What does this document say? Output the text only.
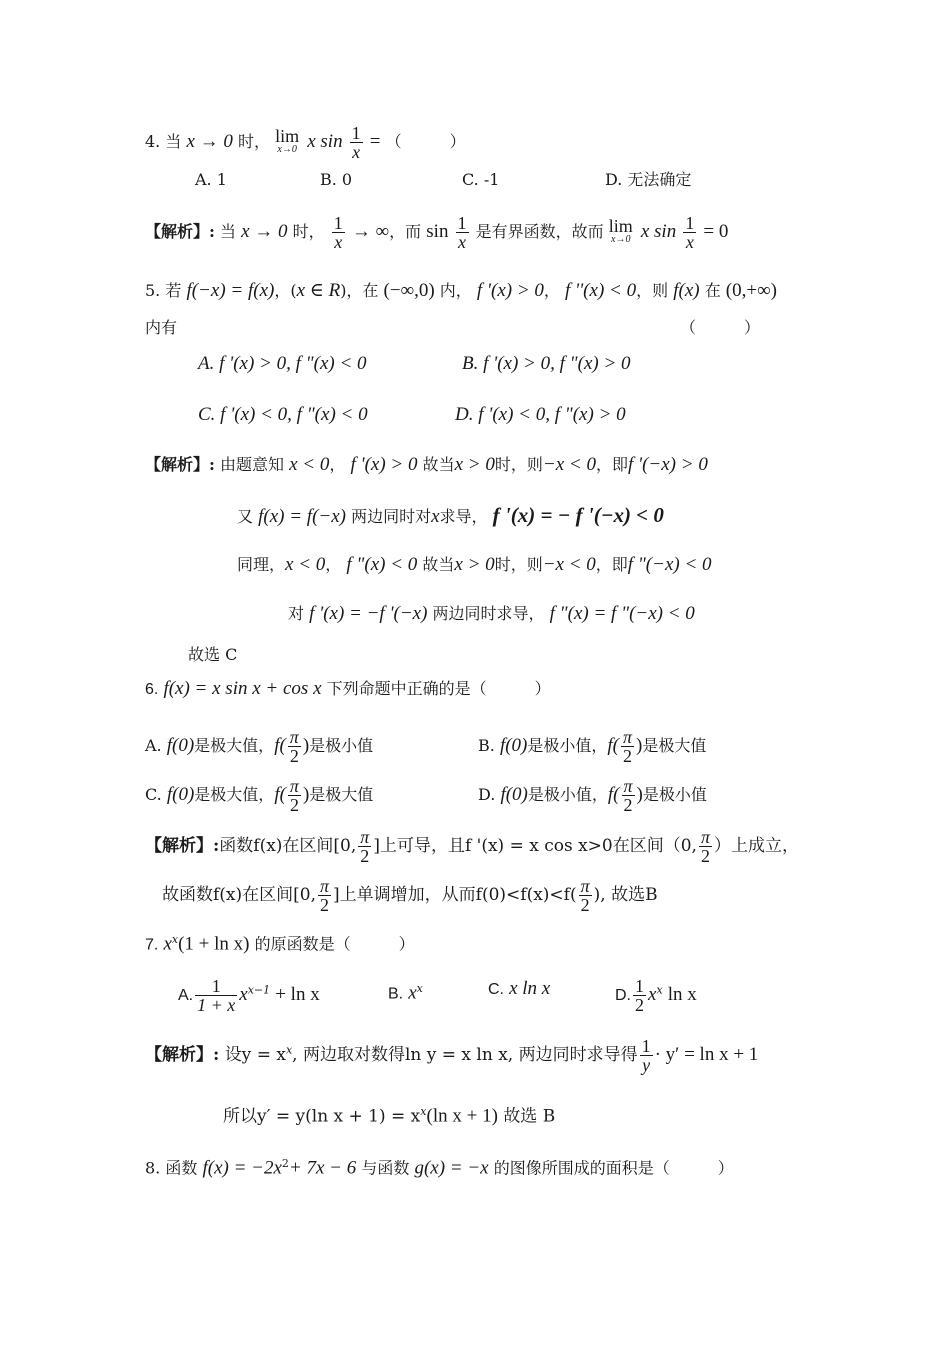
4. 当 x → 0 时， lim
x→0 x $\sin \frac{1}{x}$ = （　　　）
A. 1	B. 0	C. -1	D. 无法确定
【解析】: 当 x → 0 时， $\frac{1}{x}$ → ∞，而 $\sin \frac{1}{x}$ 是有界函数，故而 lim
x→0 x $\sin \frac{1}{x} = 0$
5. 若 f(−x) = f(x)，(x ∈ R)，在 (−∞,0) 内， f '(x) > 0， f ''(x) < 0，则 f(x) 在 (0,+∞)
内有	（　　　）
A. f '(x) > 0, f "(x) < 0	B. f '(x) > 0, f "(x) > 0
C. f '(x) < 0, f "(x) < 0	D. f '(x) < 0, f "(x) > 0
【解析】: 由题意知 x < 0， f '(x) > 0 故当x > 0时，则−x < 0，即f '(−x) > 0
又 f(x) = f(−x) 两边同时对x求导， f '(x) = − f '(−x) < 0
同理，x < 0， f "(x) < 0 故当x > 0时，则−x < 0，即f "(−x) < 0
对 f '(x) = −f '(−x) 两边同时求导， f "(x) = f "(−x) < 0
故选 C
6. f(x) = x sin x + cos x 下列命题中正确的是（　　　）
A. f(0)是极大值，$f( \frac{\pi}{2}$ )是极小值	B. f(0)是极小值，$f( \frac{\pi}{2}$ )是极大值
C. f(0)是极大值，$f( \frac{\pi}{2}$ )是极大值	D. f(0)是极小值，$f( \frac{\pi}{2}$ )是极小值
【解析】:函数f(x)在区间[0, $\frac{\pi}{2}$ ]上可导，且f '(x) = x cos x>0在区间（0, $\frac{\pi}{2}$ ）上成立，
故函数f(x)在区间[0, $\frac{\pi}{2}$ ]上单调增加，从而$f(0)<f(x)<f( \frac{\pi}{2}$ ), 故选B
7. $x^x(1 + \ln x)$ 的原函数是（　　　）
A. $\frac{1}{1 + x} x^{x-1} + \ln x$	B. $x^x$	C. x ln x	D. $\frac{1}{2} x^x$ ln x
【解析】: 设$y = x^x$, 两边取对数得ln y = x ln x, 两边同时求导得 $\frac{1}{y} \cdot y' = \ln x + 1$
所以y′ = y(ln $x + 1) = x^x(\ln$ x + 1) 故选 B
8. 函数 $f(x) = -2x^2+ 7x - 6$ 与函数 g(x) = −x 的图像所围成的面积是（　　　）
